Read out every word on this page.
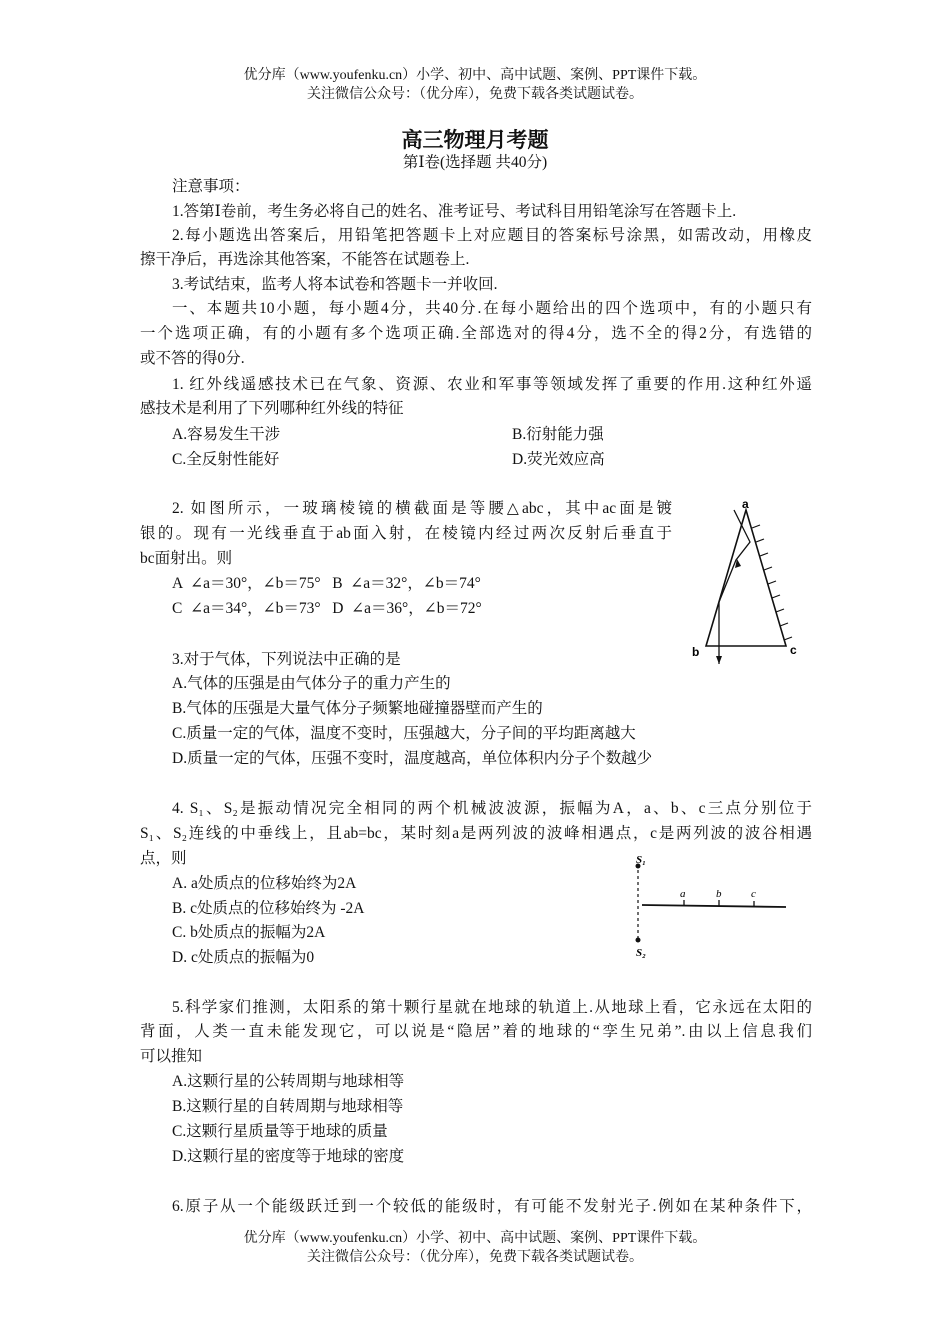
优分库（www.youfenku.cn）小学、初中、高中试题、案例、PPT课件下载。
关注微信公众号：（优分库），免费下载各类试题试卷。
高三物理月考题
第Ⅰ卷(选择题 共40分)
注意事项：
1.答第Ⅰ卷前，考生务必将自己的姓名、准考证号、考试科目用铅笔涂写在答题卡上.
2.每小题选出答案后，用铅笔把答题卡上对应题目的答案标号涂黑，如需改动，用橡皮
擦干净后，再选涂其他答案，不能答在试题卷上.
3.考试结束，监考人将本试卷和答题卡一并收回.
一、本题共10小题，每小题4分，共40分.在每小题给出的四个选项中，有的小题只有
一个选项正确，有的小题有多个选项正确.全部选对的得4分，选不全的得2分，有选错的
或不答的得0分.
1. 红外线遥感技术已在气象、资源、农业和军事等领域发挥了重要的作用.这种红外遥
感技术是利用了下列哪种红外线的特征
A.容易发生干涉	B.衍射能力强
C.全反射性能好	D.荧光效应高
2. 如图所示，一玻璃棱镜的横截面是等腰△abc，其中ac面是镀
银的。现有一光线垂直于ab面入射，在棱镜内经过两次反射后垂直于
bc面射出。则
A  ∠a＝30°，∠b＝75°   B  ∠a＝32°，∠b＝74°
C  ∠a＝34°，∠b＝73°   D  ∠a＝36°，∠b＝72°
a
b	c
3.对于气体，下列说法中正确的是
A.气体的压强是由气体分子的重力产生的
B.气体的压强是大量气体分子频繁地碰撞器壁而产生的
C.质量一定的气体，温度不变时，压强越大，分子间的平均距离越大
D.质量一定的气体，压强不变时，温度越高，单位体积内分子个数越少
4. S₁、S₂是振动情况完全相同的两个机械波波源，振幅为A，a、b、c三点分别位于
S₁、S₂连线的中垂线上，且ab=bc，某时刻a是两列波的波峰相遇点，c是两列波的波谷相遇
点，则
A. a处质点的位移始终为2A
B. c处质点的位移始终为 -2A
C. b处质点的振幅为2A
D. c处质点的振幅为0
S₁
S₂
a	b	c
5.科学家们推测，太阳系的第十颗行星就在地球的轨道上.从地球上看，它永远在太阳的
背面，人类一直未能发现它，可以说是“隐居”着的地球的“孪生兄弟”.由以上信息我们
可以推知
A.这颗行星的公转周期与地球相等
B.这颗行星的自转周期与地球相等
C.这颗行星质量等于地球的质量
D.这颗行星的密度等于地球的密度
6.原子从一个能级跃迁到一个较低的能级时，有可能不发射光子.例如在某种条件下，
优分库（www.youfenku.cn）小学、初中、高中试题、案例、PPT课件下载。
关注微信公众号：（优分库），免费下载各类试题试卷。
